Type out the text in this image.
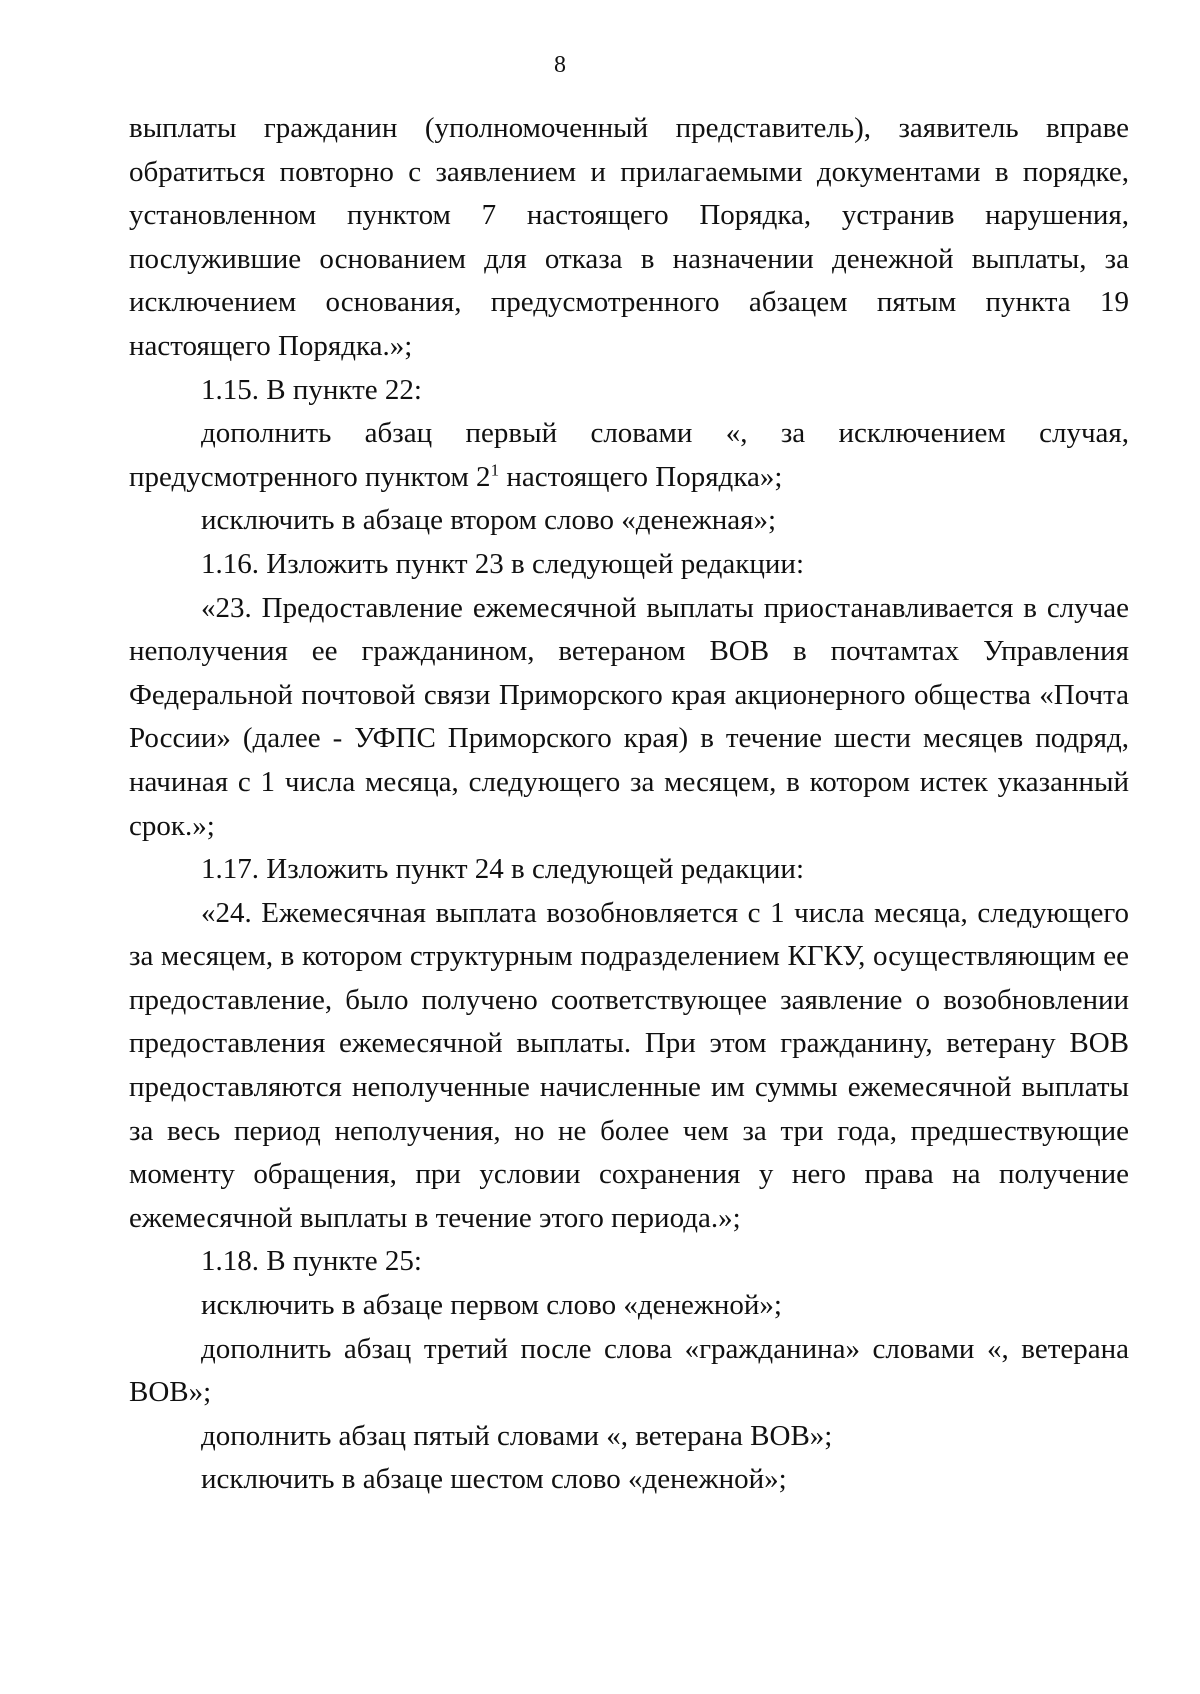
8

выплаты гражданин (уполномоченный представитель), заявитель вправе обратиться повторно с заявлением и прилагаемыми документами в порядке, установленном пунктом 7 настоящего Порядка, устранив нарушения, послужившие основанием для отказа в назначении денежной выплаты, за исключением основания, предусмотренного абзацем пятым пункта 19 настоящего Порядка.»;

1.15. В пункте 22:

дополнить абзац первый словами «, за исключением случая,

предусмотренного пунктом $2^1$ настоящего Порядка»;

исключить в абзаце втором слово «денежная»;

1.16. Изложить пункт 23 в следующей редакции:

«23. Предоставление ежемесячной выплаты приостанавливается в случае неполучения ее гражданином, ветераном ВОВ в почтамтах Управления Федеральной почтовой связи Приморского края акционерного общества «Почта России» (далее - УФПС Приморского края) в течение шести месяцев подряд, начиная с 1 числа месяца, следующего за месяцем, в котором истек указанный срок.»;

1.17. Изложить пункт 24 в следующей редакции:

«24. Ежемесячная выплата возобновляется с 1 числа месяца, следующего за месяцем, в котором структурным подразделением КГКУ, осуществляющим ее предоставление, было получено соответствующее заявление о возобновлении предоставления ежемесячной выплаты. При этом гражданину, ветерану ВОВ предоставляются неполученные начисленные им суммы ежемесячной выплаты за весь период неполучения, но не более чем за три года, предшествующие моменту обращения, при условии сохранения у него права на получение ежемесячной выплаты в течение этого периода.»;

1.18. В пункте 25:

исключить в абзаце первом слово «денежной»;

дополнить абзац третий после слова «гражданина» словами «, ветерана ВОВ»;

дополнить абзац пятый словами «, ветерана ВОВ»;

исключить в абзаце шестом слово «денежной»;
